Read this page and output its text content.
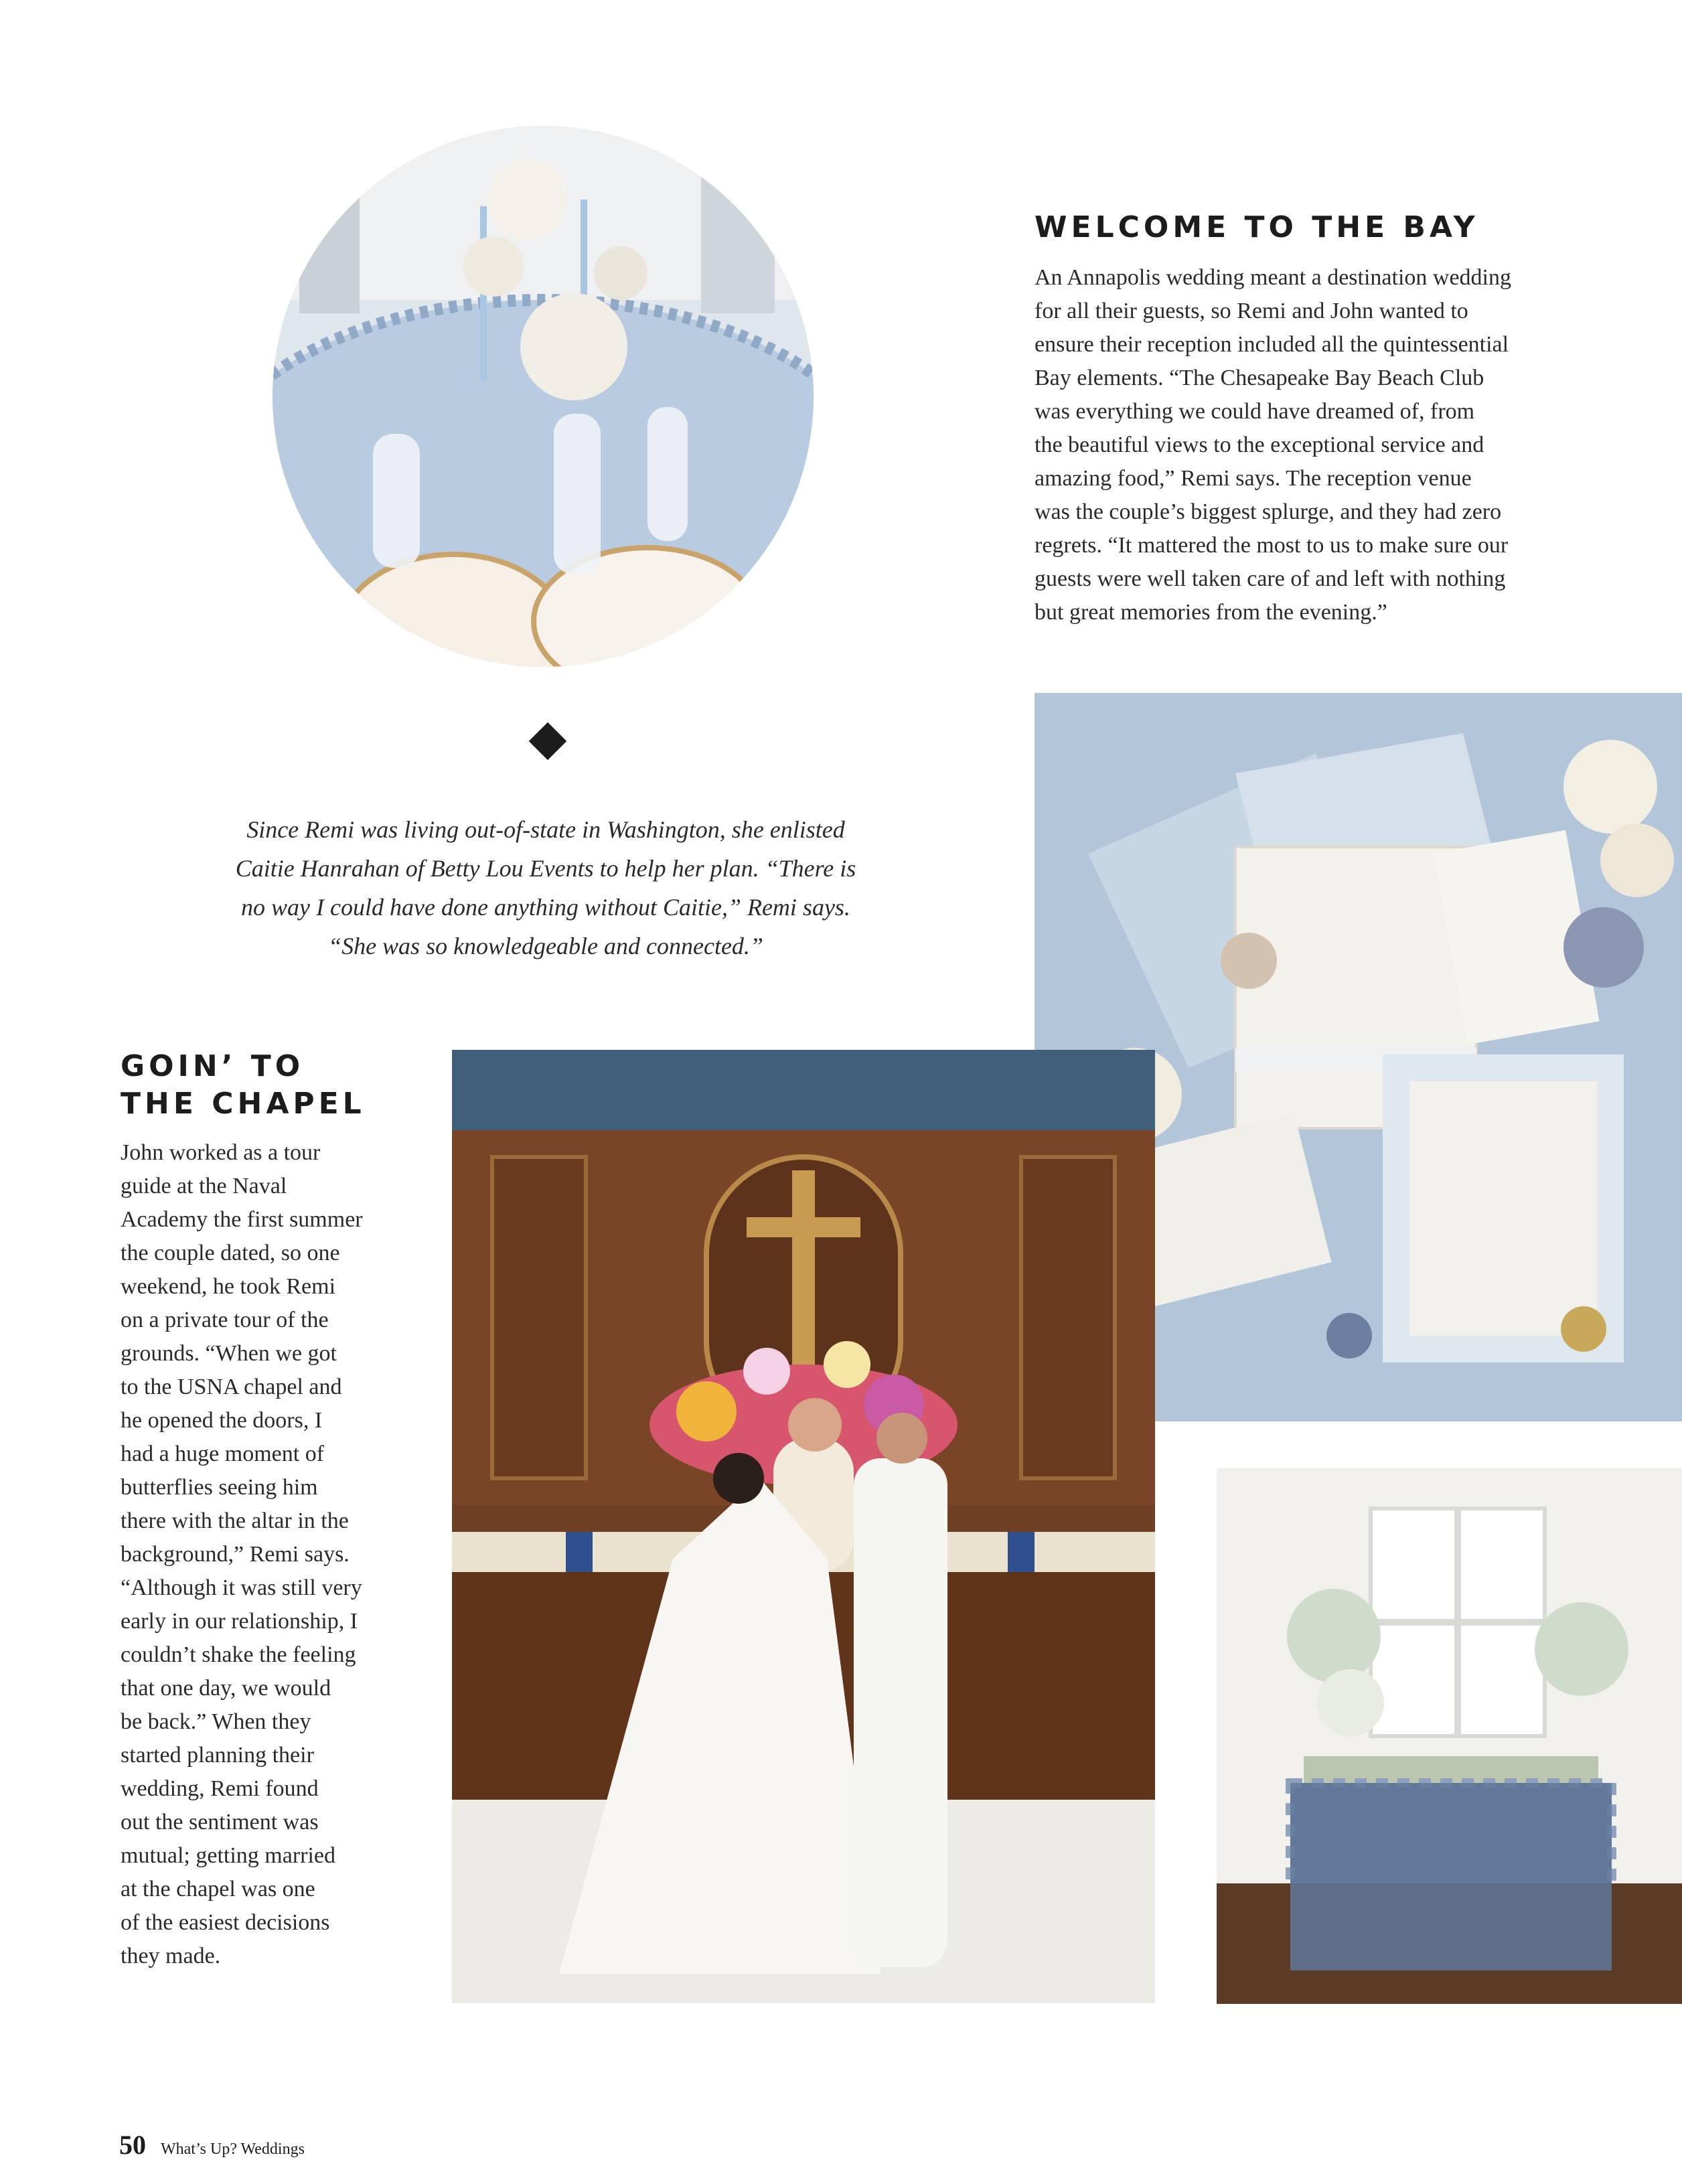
WELCOME TO THE BAY
An Annapolis wedding meant a destination wedding
for all their guests, so Remi and John wanted to
ensure their reception included all the quintessential
Bay elements. “The Chesapeake Bay Beach Club
was everything we could have dreamed of, from
the beautiful views to the exceptional service and
amazing food,” Remi says. The reception venue
was the couple’s biggest splurge, and they had zero
regrets. “It mattered the most to us to make sure our
guests were well taken care of and left with nothing
but great memories from the evening.”
Since Remi was living out-of-state in Washington, she enlisted
Caitie Hanrahan of Betty Lou Events to help her plan. “There is
no way I could have done anything without Caitie,” Remi says.
“She was so knowledgeable and connected.”
GOIN’ TO
THE CHAPEL
John worked as a tour
guide at the Naval
Academy the first summer
the couple dated, so one
weekend, he took Remi
on a private tour of the
grounds. “When we got
to the USNA chapel and
he opened the doors, I
had a huge moment of
butterflies seeing him
there with the altar in the
background,” Remi says.
“Although it was still very
early in our relationship, I
couldn’t shake the feeling
that one day, we would
be back.” When they
started planning their
wedding, Remi found
out the sentiment was
mutual; getting married
at the chapel was one
of the easiest decisions
they made.
50 What’s Up? Weddings
